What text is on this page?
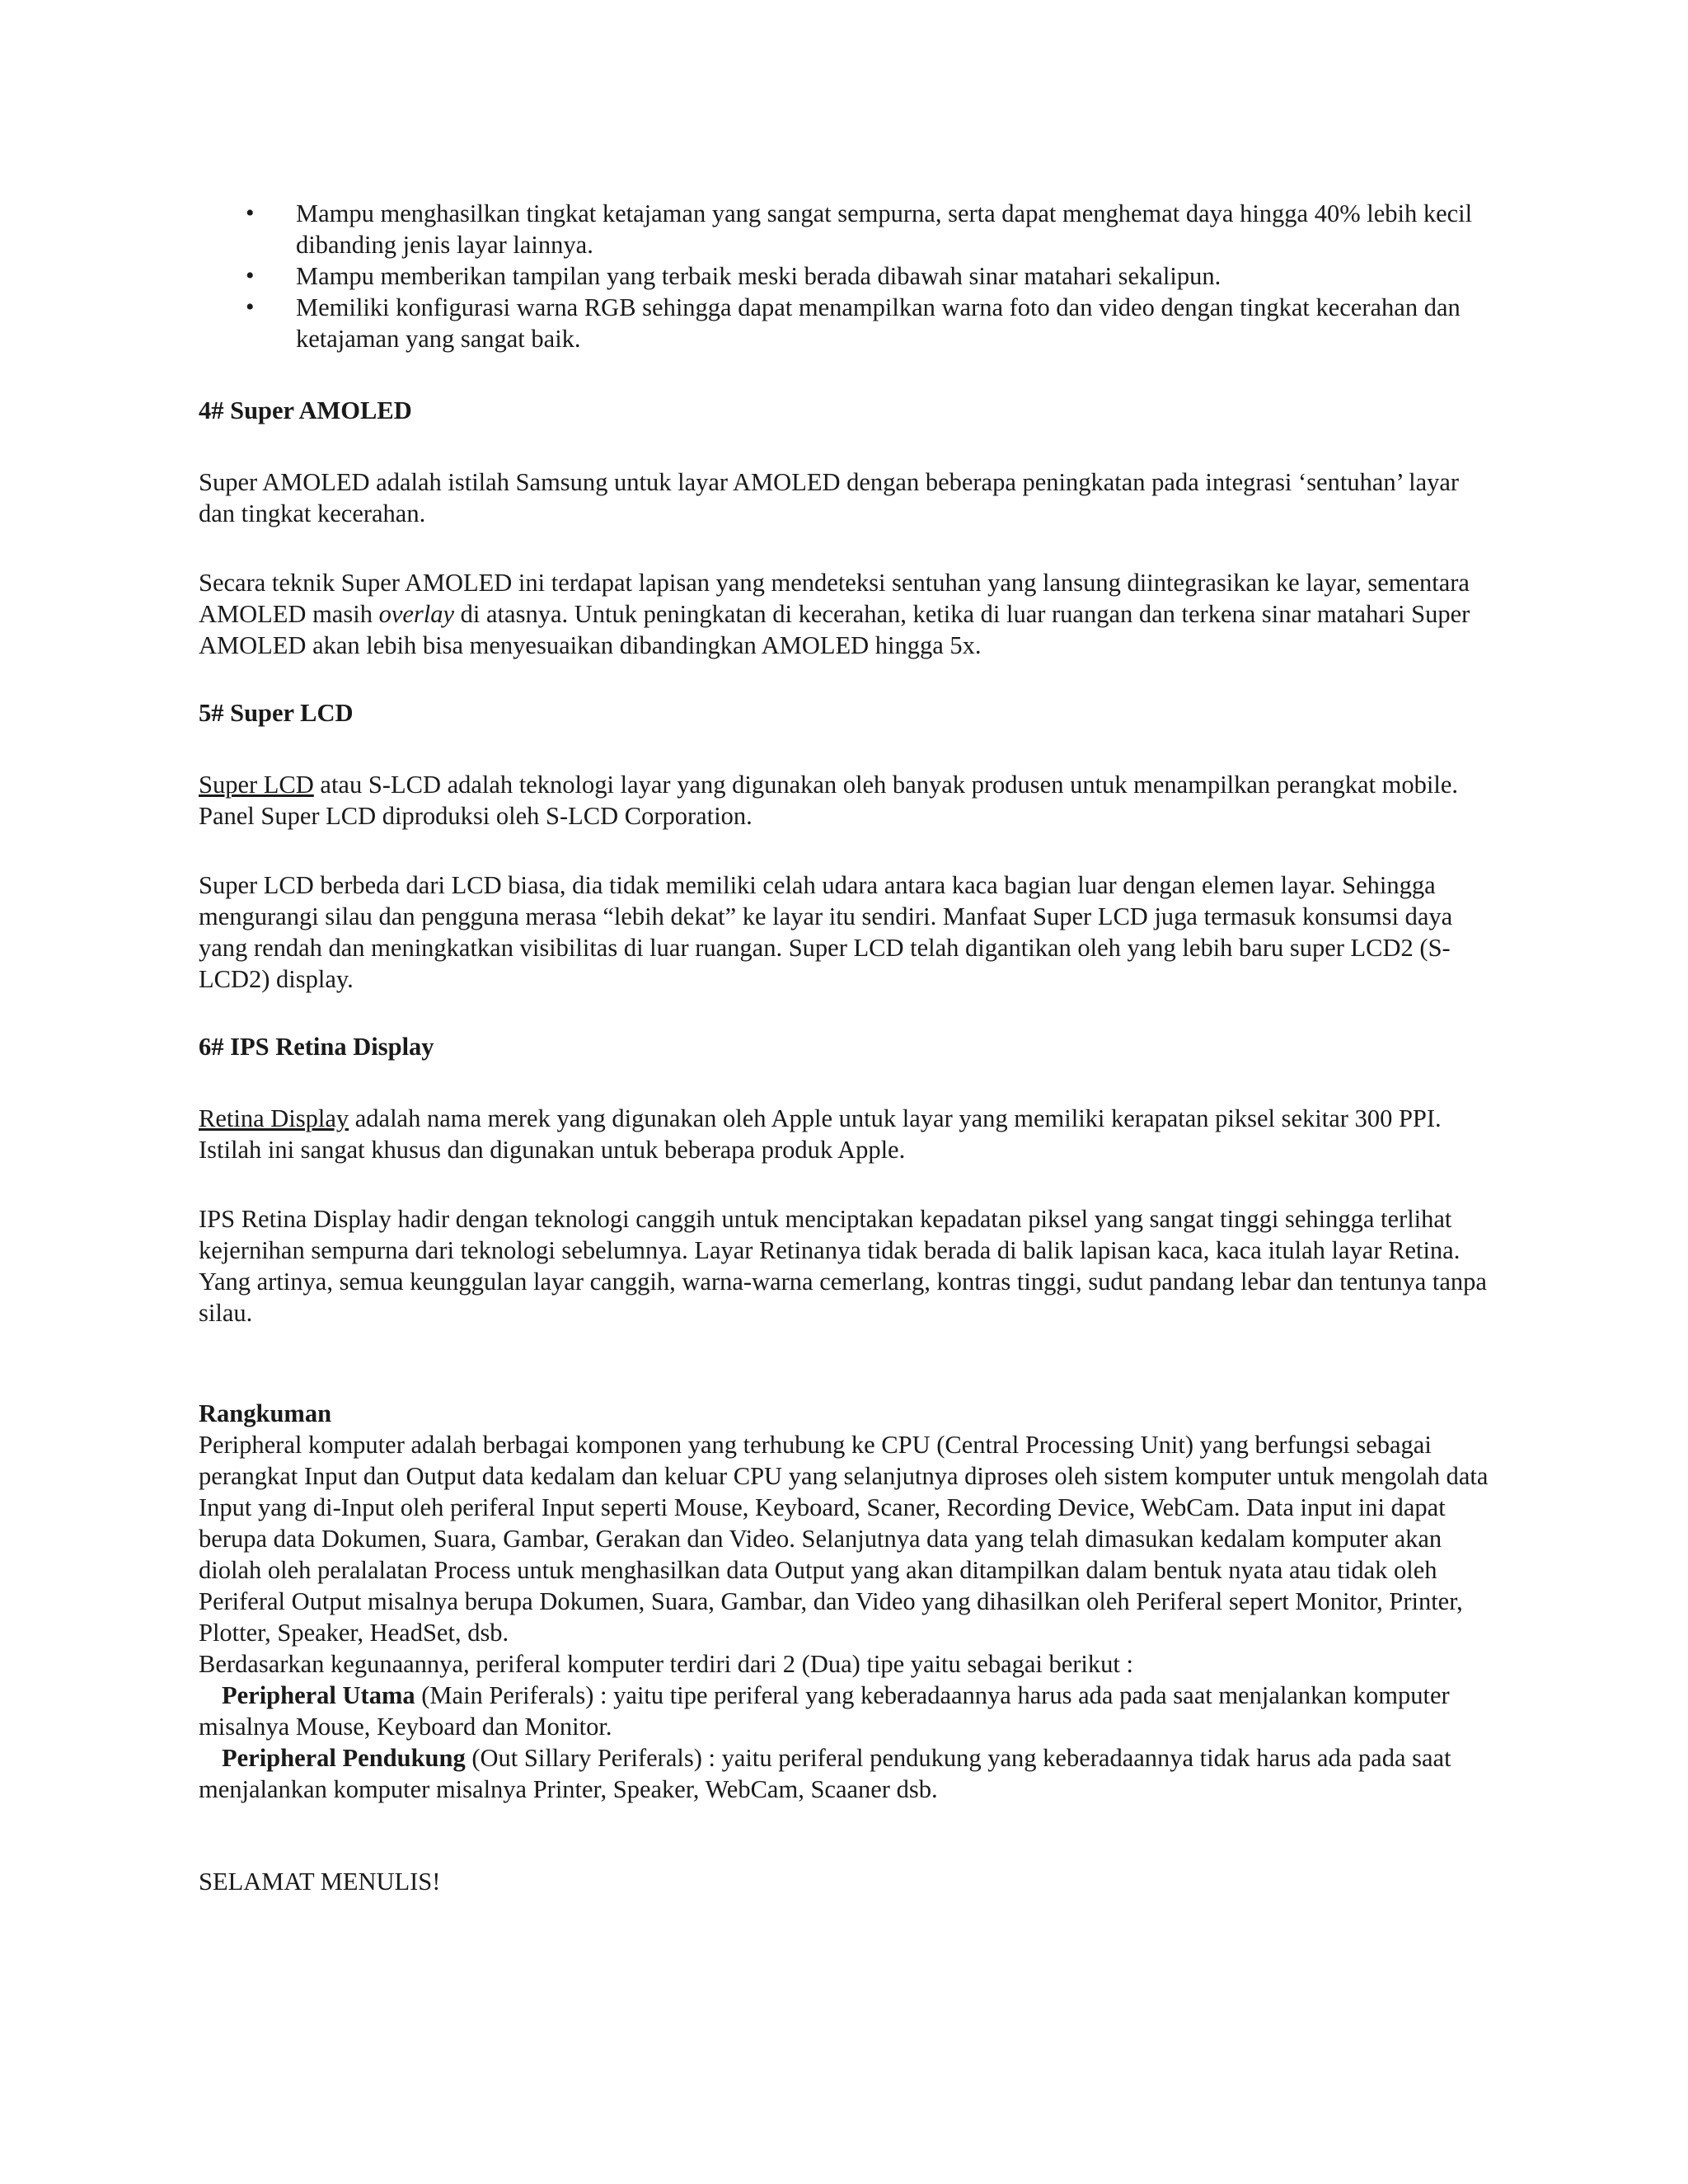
• Mampu menghasilkan tingkat ketajaman yang sangat sempurna, serta dapat menghemat daya hingga 40% lebih kecil dibanding jenis layar lainnya.
• Mampu memberikan tampilan yang terbaik meski berada dibawah sinar matahari sekalipun.
• Memiliki konfigurasi warna RGB sehingga dapat menampilkan warna foto dan video dengan tingkat kecerahan dan ketajaman yang sangat baik.
4# Super AMOLED

Super AMOLED adalah istilah Samsung untuk layar AMOLED dengan beberapa peningkatan pada integrasi ‘sentuhan’ layar dan tingkat kecerahan.

Secara teknik Super AMOLED ini terdapat lapisan yang mendeteksi sentuhan yang lansung diintegrasikan ke layar, sementara AMOLED masih overlay di atasnya. Untuk peningkatan di kecerahan, ketika di luar ruangan dan terkena sinar matahari Super AMOLED akan lebih bisa menyesuaikan dibandingkan AMOLED hingga 5x.

5# Super LCD

Super LCD atau S-LCD adalah teknologi layar yang digunakan oleh banyak produsen untuk menampilkan perangkat mobile. Panel Super LCD diproduksi oleh S-LCD Corporation.

Super LCD berbeda dari LCD biasa, dia tidak memiliki celah udara antara kaca bagian luar dengan elemen layar. Sehingga mengurangi silau dan pengguna merasa “lebih dekat” ke layar itu sendiri. Manfaat Super LCD juga termasuk konsumsi daya yang rendah dan meningkatkan visibilitas di luar ruangan. Super LCD telah digantikan oleh yang lebih baru super LCD2 (S-LCD2) display.

6# IPS Retina Display

Retina Display adalah nama merek yang digunakan oleh Apple untuk layar yang memiliki kerapatan piksel sekitar 300 PPI. Istilah ini sangat khusus dan digunakan untuk beberapa produk Apple.

IPS Retina Display hadir dengan teknologi canggih untuk menciptakan kepadatan piksel yang sangat tinggi sehingga terlihat kejernihan sempurna dari teknologi sebelumnya. Layar Retinanya tidak berada di balik lapisan kaca, kaca itulah layar Retina. Yang artinya, semua keunggulan layar canggih, warna-warna cemerlang, kontras tinggi, sudut pandang lebar dan tentunya tanpa silau.

Rangkuman

Peripheral komputer adalah berbagai komponen yang terhubung ke CPU (Central Processing Unit) yang berfungsi sebagai perangkat Input dan Output data kedalam dan keluar CPU yang selanjutnya diproses oleh sistem komputer untuk mengolah data Input yang di-Input oleh periferal Input seperti Mouse, Keyboard, Scaner, Recording Device, WebCam. Data input ini dapat berupa data Dokumen, Suara, Gambar, Gerakan dan Video. Selanjutnya data yang telah dimasukan kedalam komputer akan diolah oleh peralalatan Process untuk menghasilkan data Output yang akan ditampilkan dalam bentuk nyata atau tidak oleh Periferal Output misalnya berupa Dokumen, Suara, Gambar, dan Video yang dihasilkan oleh Periferal sepert Monitor, Printer, Plotter, Speaker, HeadSet, dsb.

Berdasarkan kegunaannya, periferal komputer terdiri dari 2 (Dua) tipe yaitu sebagai berikut :

Peripheral Utama (Main Periferals) : yaitu tipe periferal yang keberadaannya harus ada pada saat menjalankan komputer misalnya Mouse, Keyboard dan Monitor.

Peripheral Pendukung (Out Sillary Periferals) : yaitu periferal pendukung yang keberadaannya tidak harus ada pada saat menjalankan komputer misalnya Printer, Speaker, WebCam, Scaaner dsb.

SELAMAT MENULIS!
